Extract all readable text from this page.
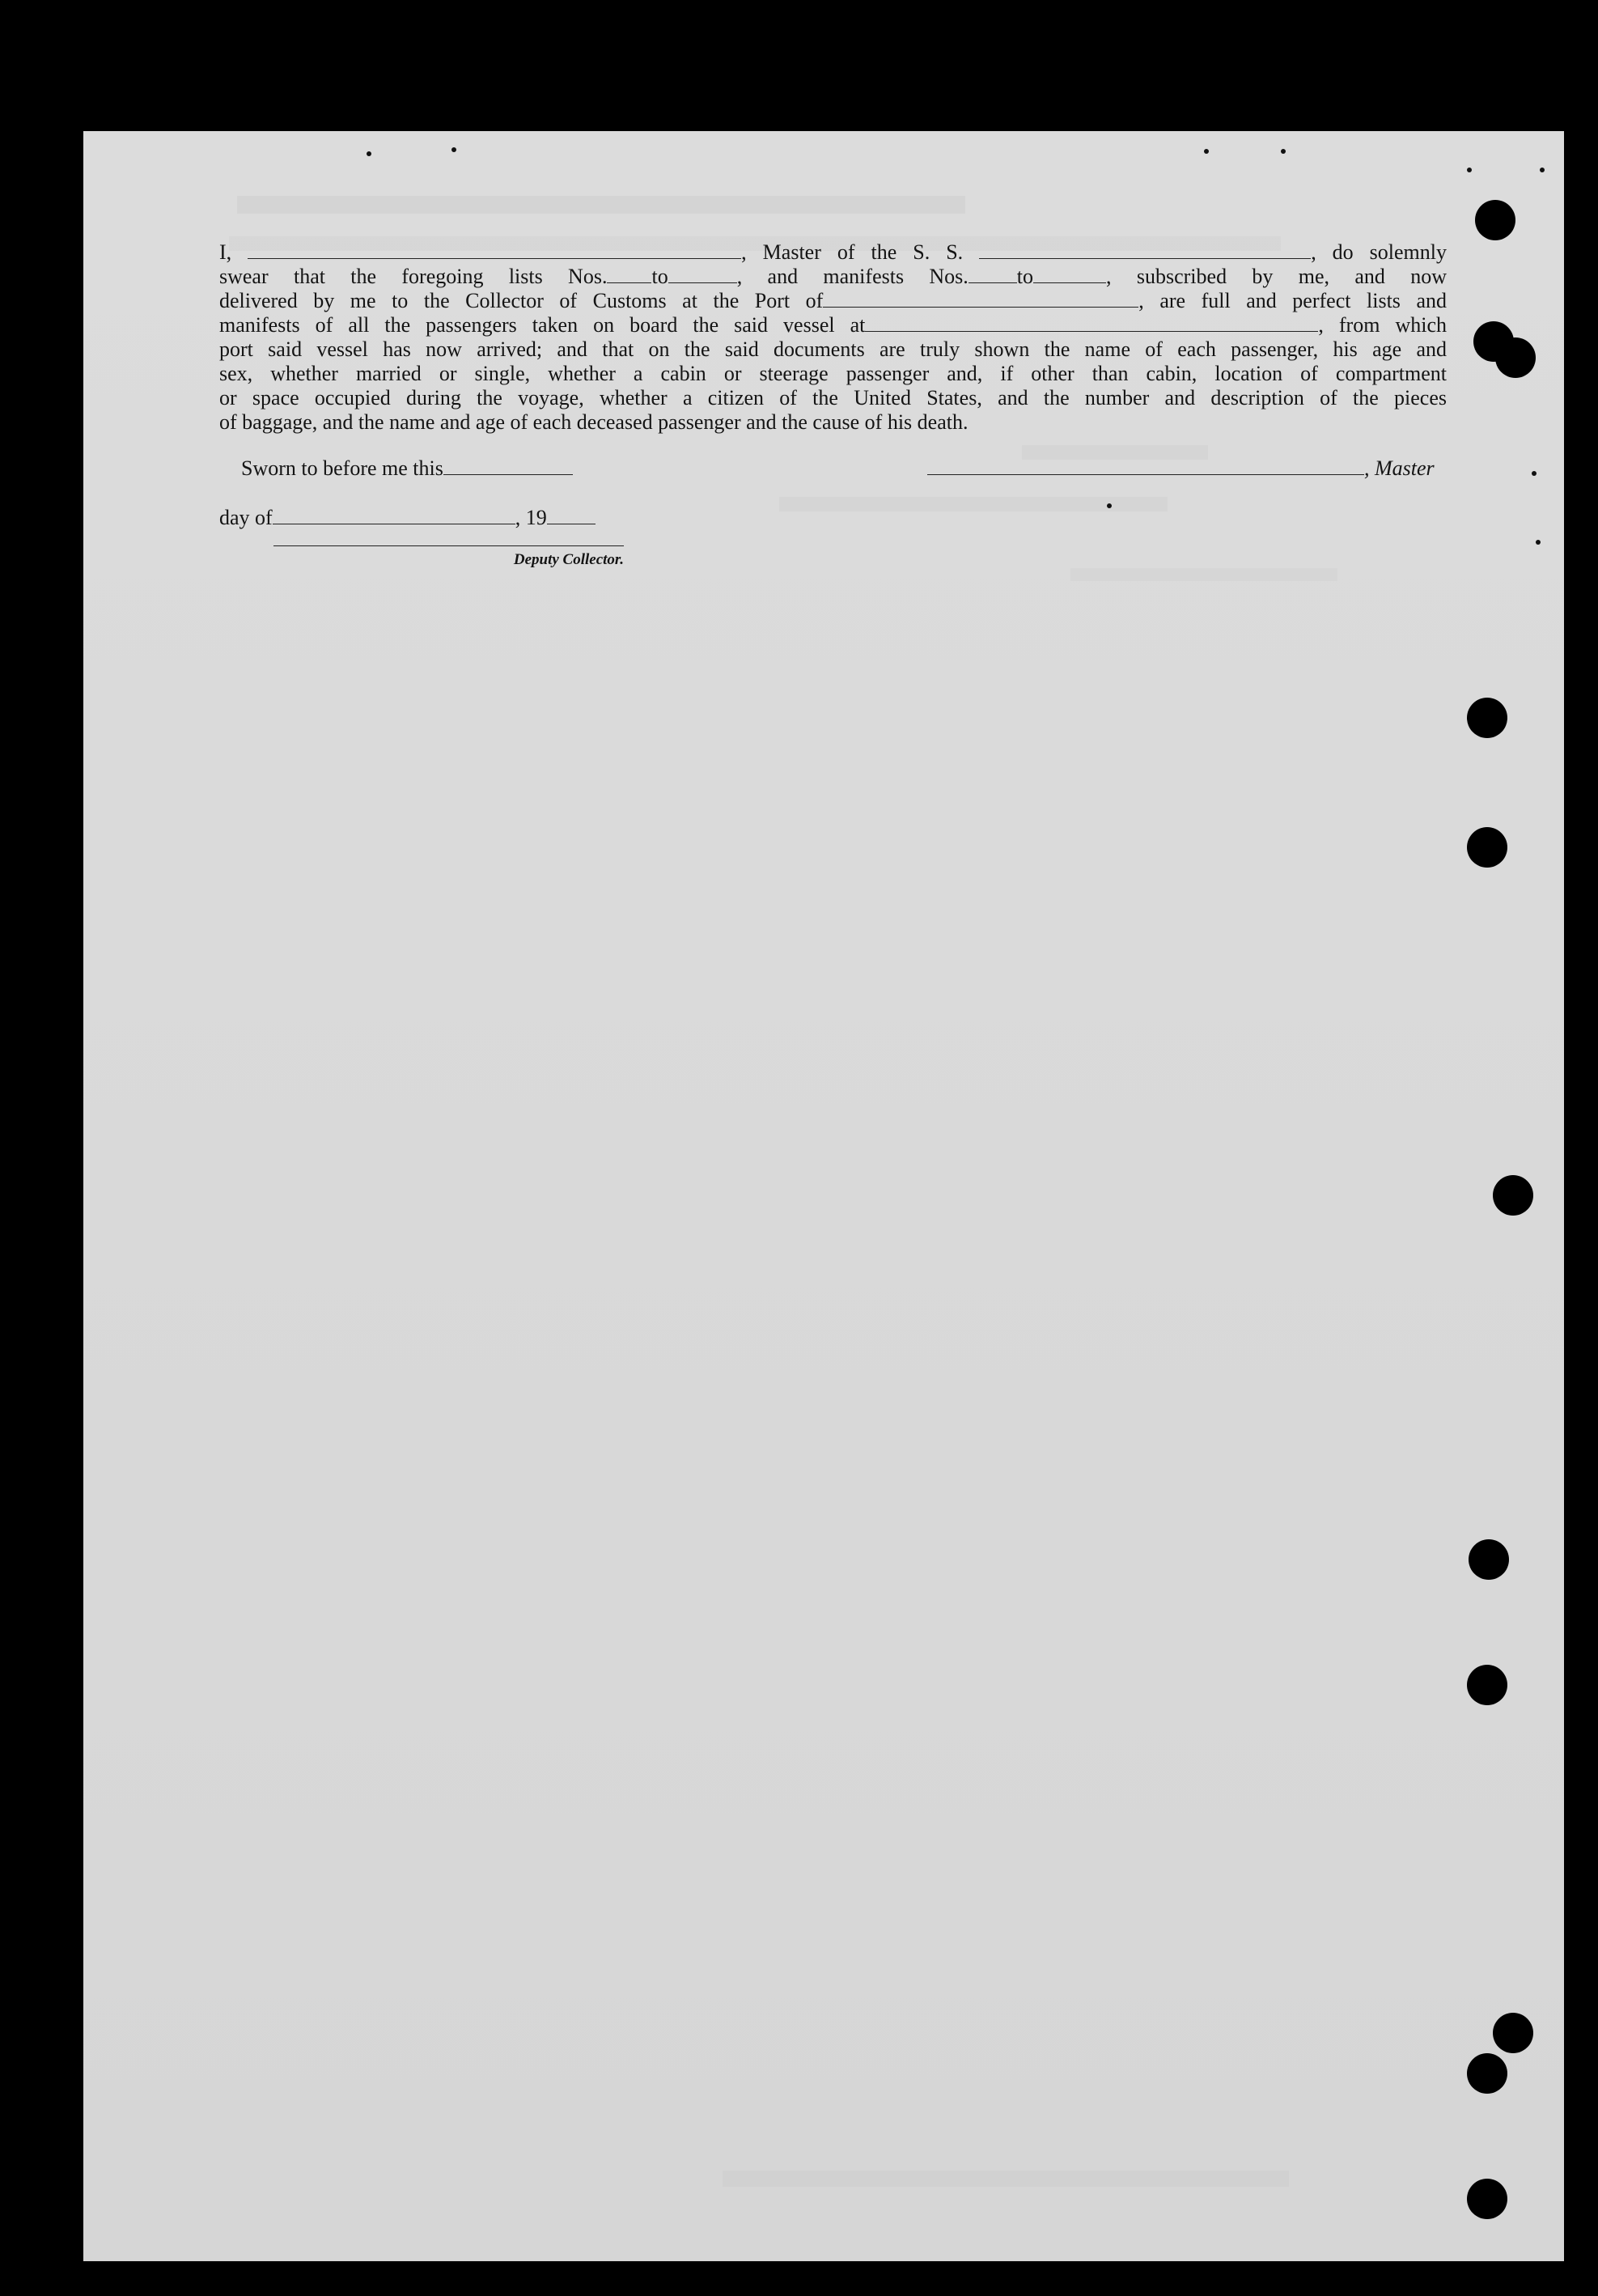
I,	, Master of the S. S.	, do solemnly

swear that the foregoing lists Nos. to	, and manifests Nos. to	, subscribed by me, and now

delivered by me to the Collector of Customs at the Port of	, are full and perfect lists and

manifests of all the passengers taken on board the said vessel at	, from which

port said vessel has now arrived; and that on the said documents are truly shown the name of each passenger, his age and

sex, whether married or single, whether a cabin or steerage passenger and, if other than cabin, location of compartment

or space occupied during the voyage, whether a citizen of the United States, and the number and description of the pieces

of baggage, and the name and age of each deceased passenger and the cause of his death.

Sworn to before me this	, Master
day of	, 19
Deputy Collector.
